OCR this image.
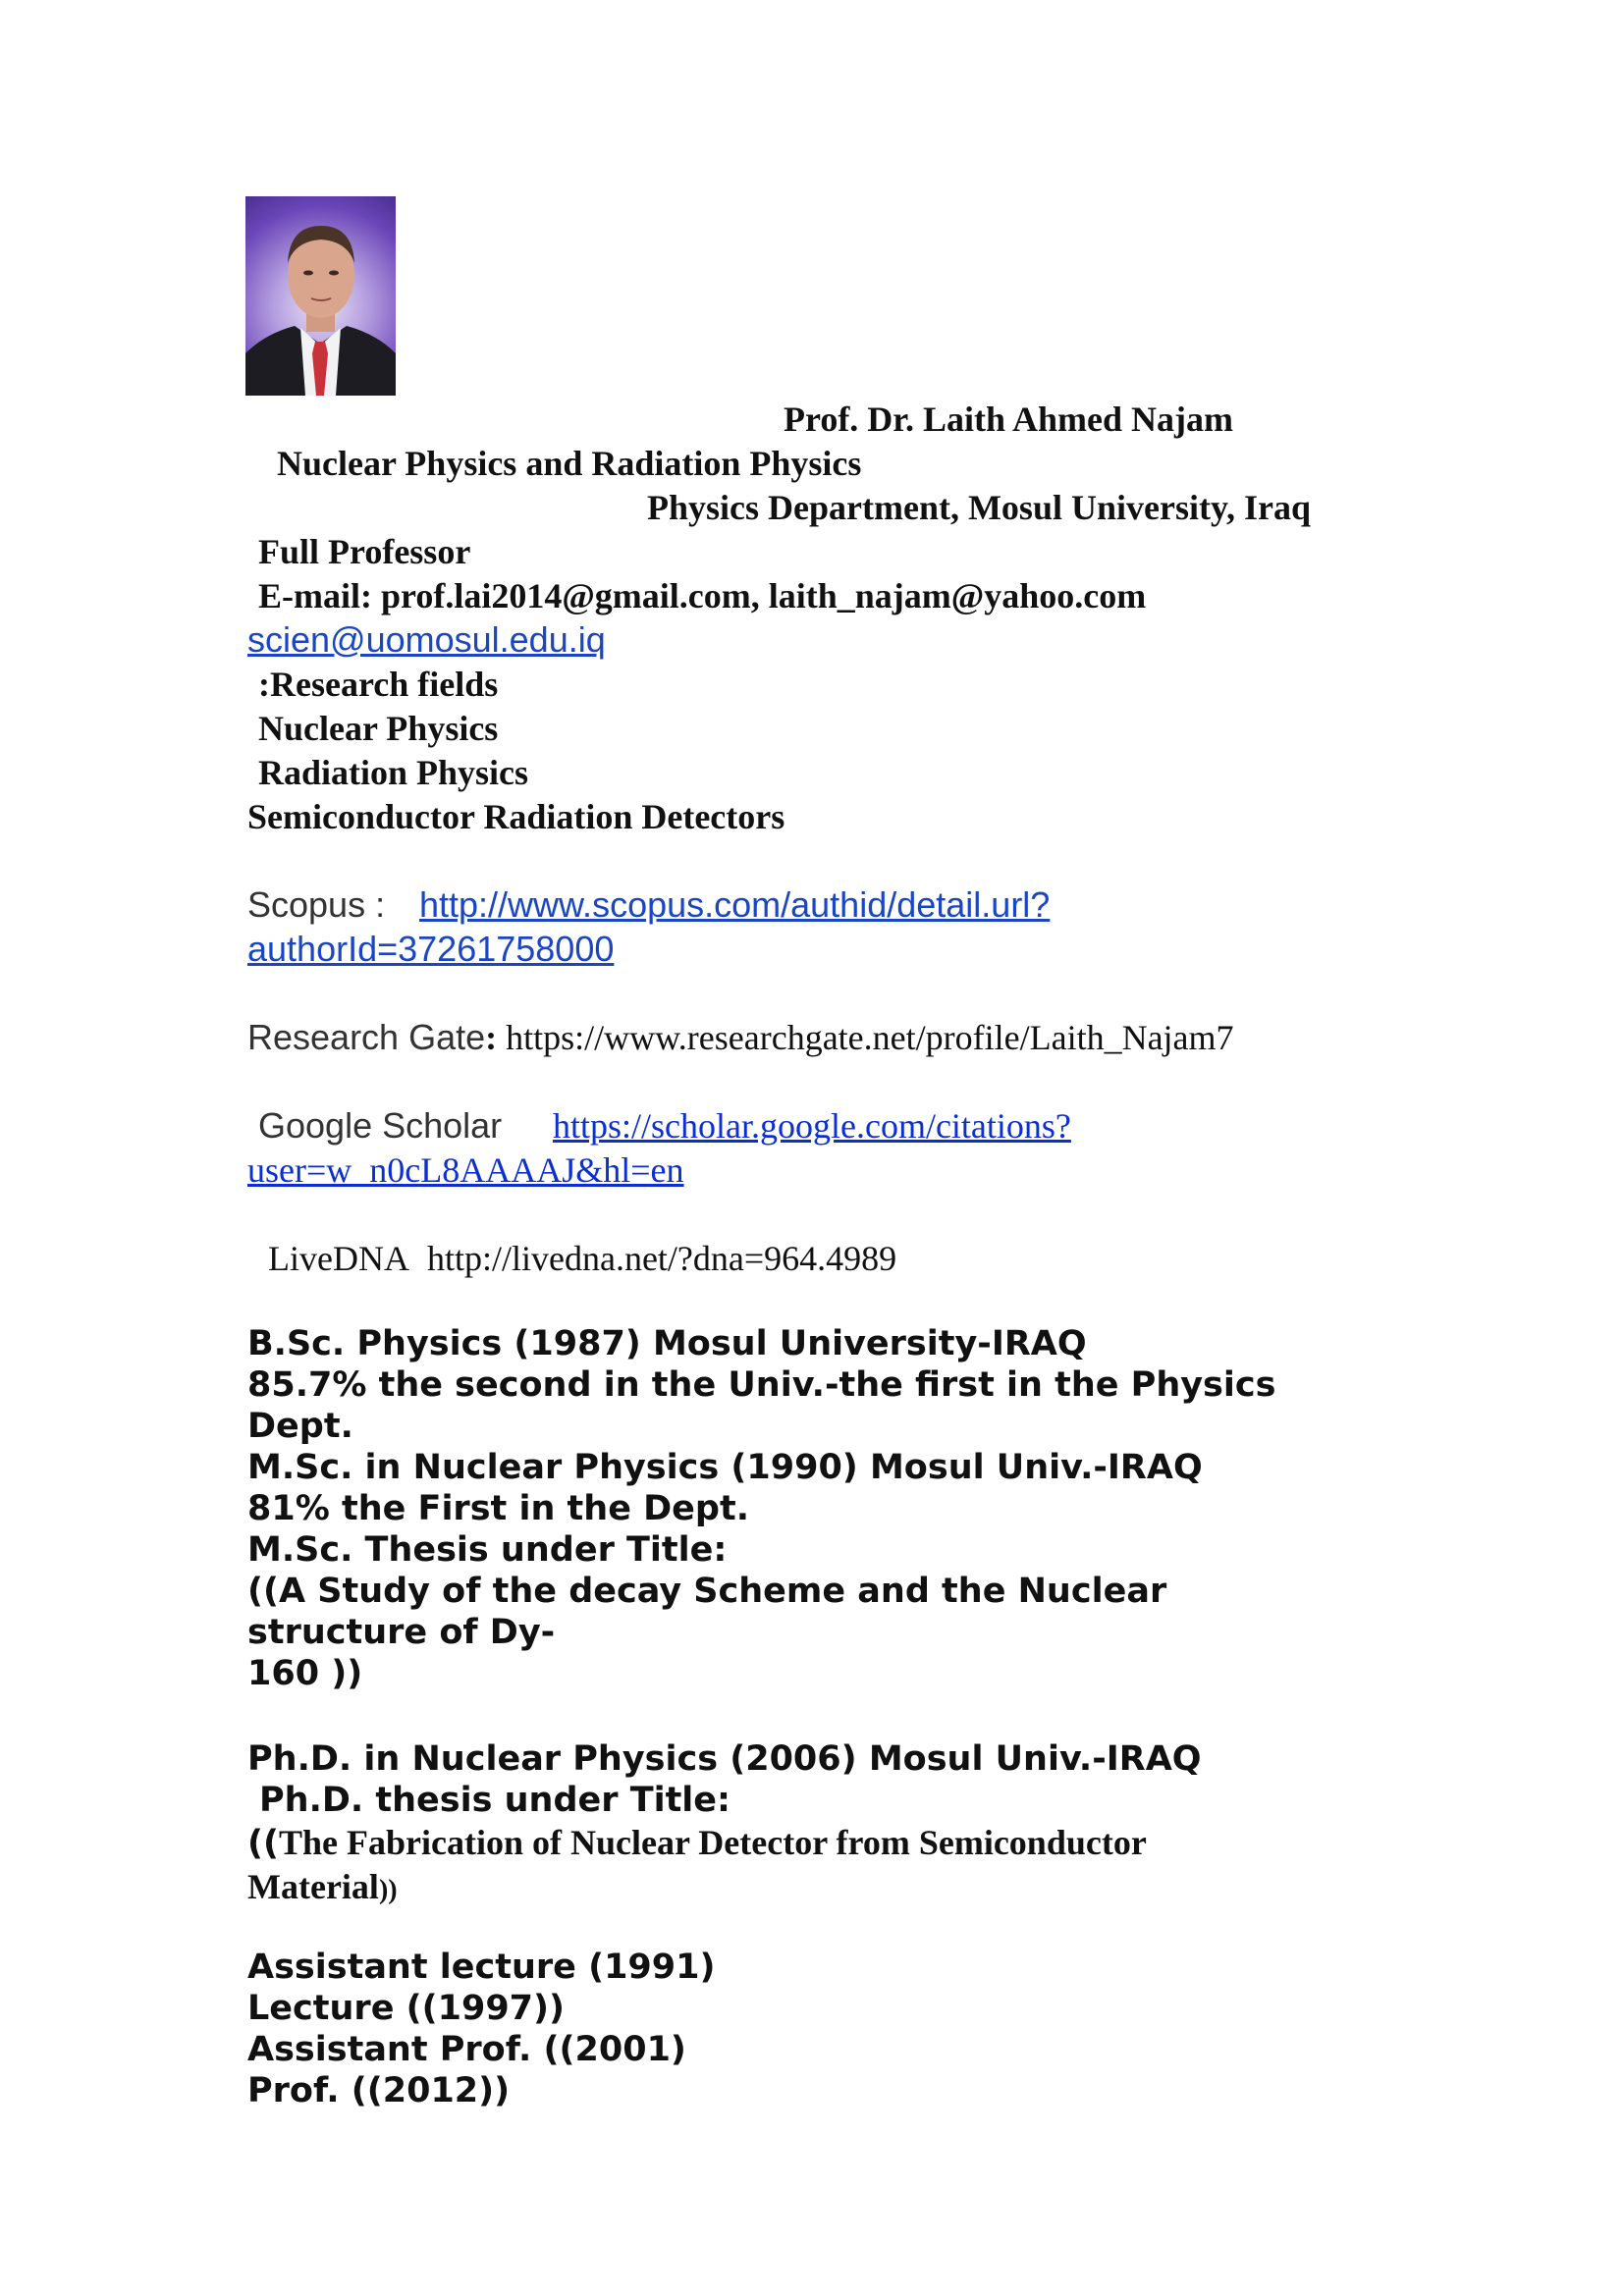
Prof. Dr. Laith Ahmed Najam
Nuclear Physics and Radiation Physics
Physics Department, Mosul University, Iraq
Full Professor
E-mail: prof.lai2014@gmail.com, laith_najam@yahoo.com
scien@uomosul.edu.iq
:Research fields
Nuclear Physics
Radiation Physics
Semiconductor Radiation Detectors
Scopus : http://www.scopus.com/authid/detail.url?
authorId=37261758000
Research Gate: https://www.researchgate.net/profile/Laith_Najam7
Google Scholar https://scholar.google.com/citations?
user=w_n0cL8AAAAJ&hl=en
LiveDNA http://livedna.net/?dna=964.4989
B.Sc. Physics (1987) Mosul University-IRAQ
85.7% the second in the Univ.-the first in the Physics
Dept.
M.Sc. in Nuclear Physics (1990) Mosul Univ.-IRAQ
81% the First in the Dept.
M.Sc. Thesis under Title:
((A Study of the decay Scheme and the Nuclear
structure of Dy-
160 ))
Ph.D. in Nuclear Physics (2006) Mosul Univ.-IRAQ
Ph.D. thesis under Title:
((The Fabrication of Nuclear Detector from Semiconductor
Material))
Assistant lecture (1991)
Lecture ((1997))
Assistant Prof. ((2001)
Prof. ((2012))
